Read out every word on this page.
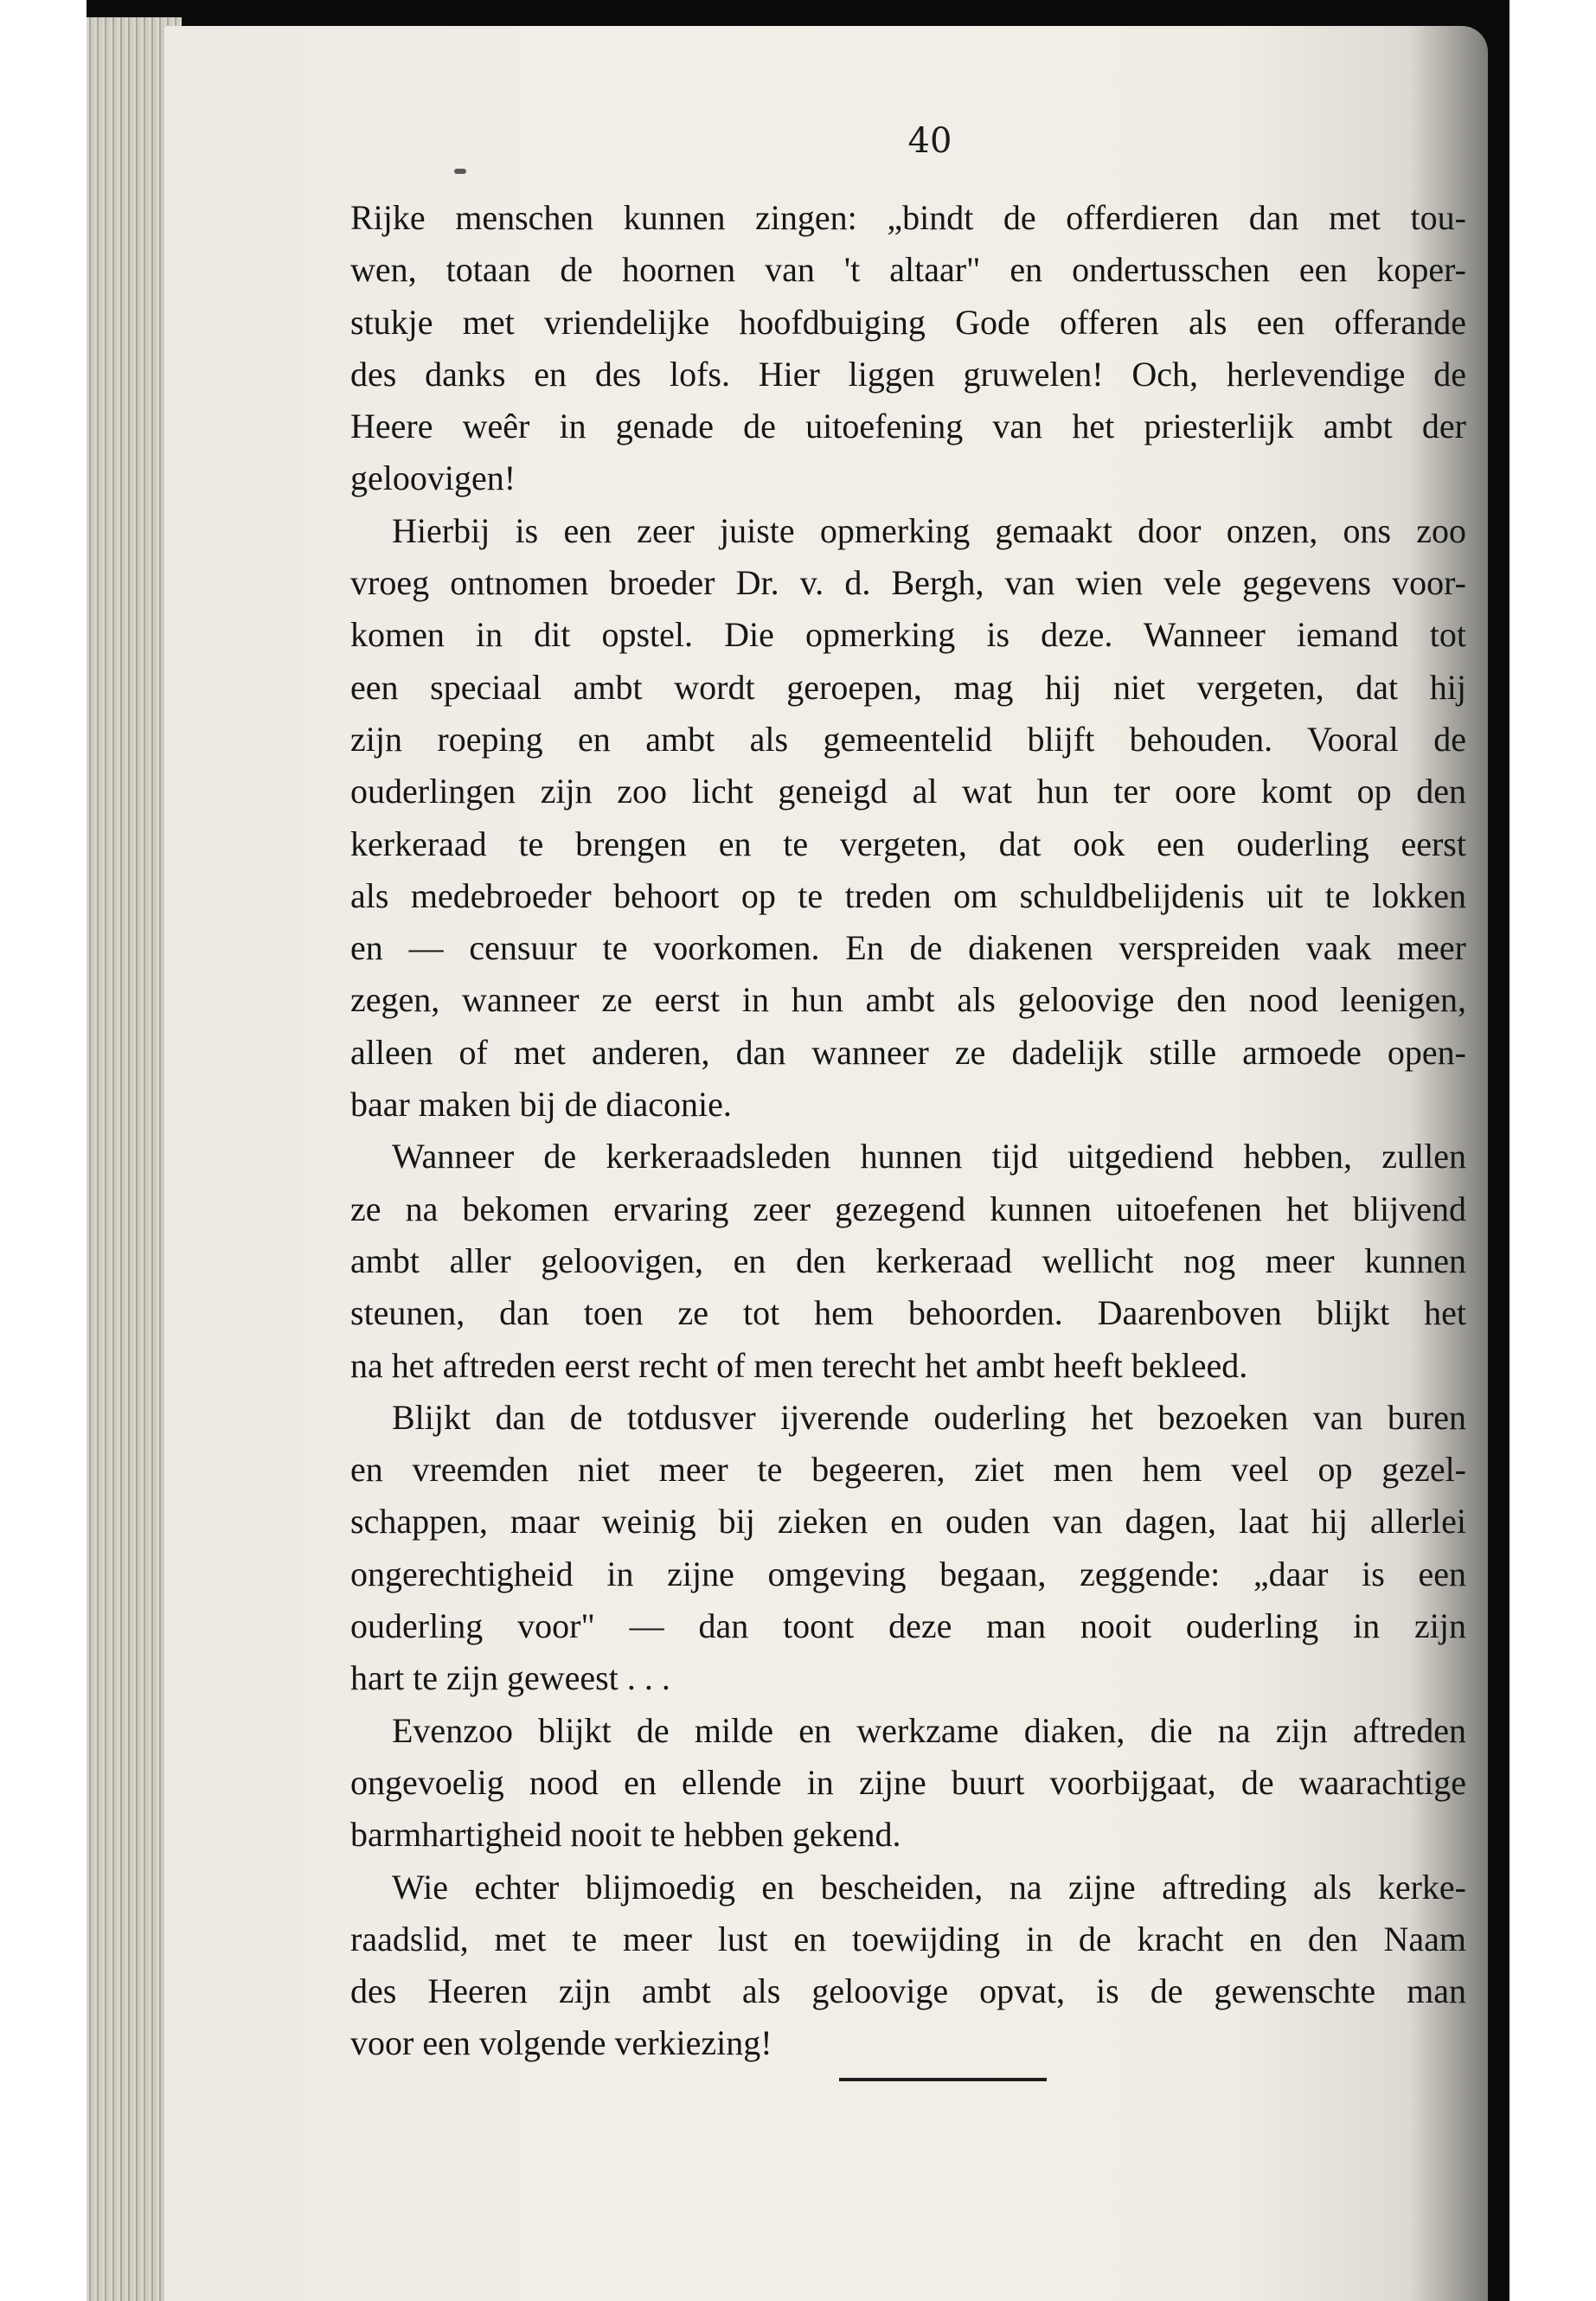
40
Rijke menschen kunnen zingen: „bindt de offerdieren dan met tou-
wen, totaan de hoornen van 't altaar" en ondertusschen een koper-
stukje met vriendelijke hoofdbuiging Gode offeren als een offerande
des danks en des lofs. Hier liggen gruwelen! Och, herlevendige de
Heere weêr in genade de uitoefening van het priesterlijk ambt der
geloovigen!
Hierbij is een zeer juiste opmerking gemaakt door onzen, ons zoo
vroeg ontnomen broeder Dr. v. d. Bergh, van wien vele gegevens voor-
komen in dit opstel. Die opmerking is deze. Wanneer iemand tot
een speciaal ambt wordt geroepen, mag hij niet vergeten, dat hij
zijn roeping en ambt als gemeentelid blijft behouden. Vooral de
ouderlingen zijn zoo licht geneigd al wat hun ter oore komt op den
kerkeraad te brengen en te vergeten, dat ook een ouderling eerst
als medebroeder behoort op te treden om schuldbelijdenis uit te lokken
en — censuur te voorkomen. En de diakenen verspreiden vaak meer
zegen, wanneer ze eerst in hun ambt als geloovige den nood leenigen,
alleen of met anderen, dan wanneer ze dadelijk stille armoede open-
baar maken bij de diaconie.
Wanneer de kerkeraadsleden hunnen tijd uitgediend hebben, zullen
ze na bekomen ervaring zeer gezegend kunnen uitoefenen het blijvend
ambt aller geloovigen, en den kerkeraad wellicht nog meer kunnen
steunen, dan toen ze tot hem behoorden. Daarenboven blijkt het
na het aftreden eerst recht of men terecht het ambt heeft bekleed.
Blijkt dan de totdusver ijverende ouderling het bezoeken van buren
en vreemden niet meer te begeeren, ziet men hem veel op gezel-
schappen, maar weinig bij zieken en ouden van dagen, laat hij allerlei
ongerechtigheid in zijne omgeving begaan, zeggende: „daar is een
ouderling voor" — dan toont deze man nooit ouderling in zijn
hart te zijn geweest . . .
Evenzoo blijkt de milde en werkzame diaken, die na zijn aftreden
ongevoelig nood en ellende in zijne buurt voorbijgaat, de waarachtige
barmhartigheid nooit te hebben gekend.
Wie echter blijmoedig en bescheiden, na zijne aftreding als kerke-
raadslid, met te meer lust en toewijding in de kracht en den Naam
des Heeren zijn ambt als geloovige opvat, is de gewenschte man
voor een volgende verkiezing!
